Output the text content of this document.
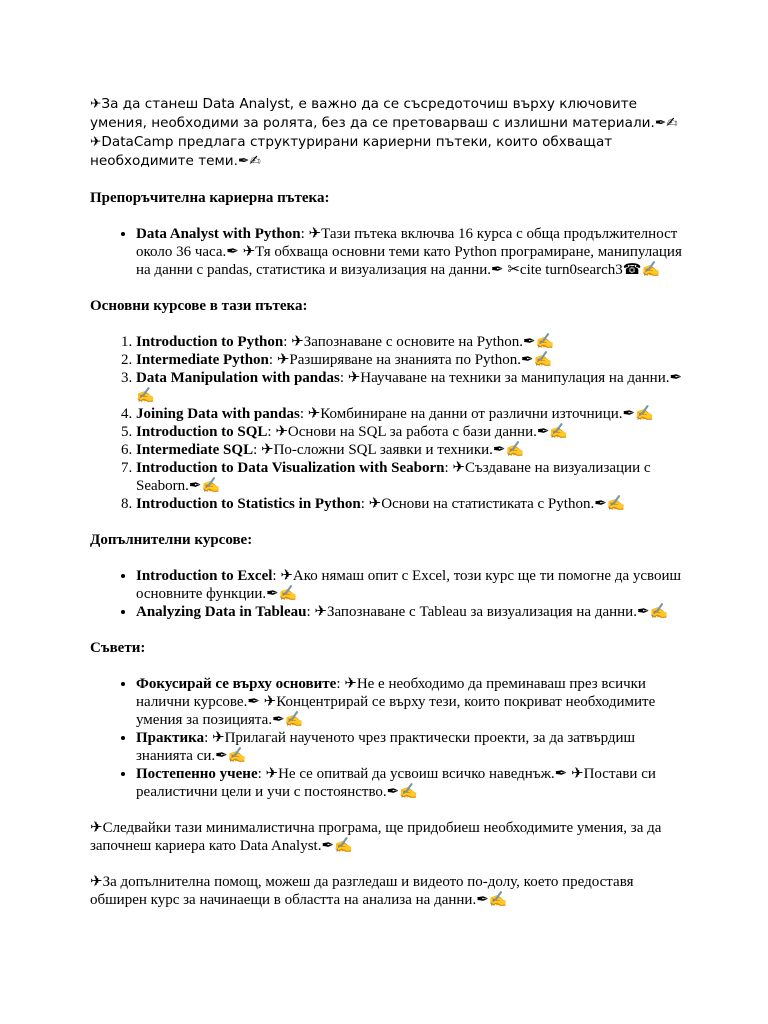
✈За да станеш Data Analyst, е важно да се съсредоточиш върху ключовите умения, необходими за ролята, без да се претоварваш с излишни материали.✒✍ ✈DataCamp предлага структурирани кариерни пътеки, които обхващат необходимите теми.✒✍

Препоръчителна кариерна пътека:

• Data Analyst with Python: ✈Тази пътека включва 16 курса с обща продължителност около 36 часа.✒ ✈Тя обхваща основни теми като Python програмиране, манипулация на данни с pandas, статистика и визуализация на данни.✒ ✂cite turn0search3☎✍

Основни курсове в тази пътека:

1. Introduction to Python: ✈Запознаване с основите на Python.✒✍
2. Intermediate Python: ✈Разширяване на знанията по Python.✒✍
3. Data Manipulation with pandas: ✈Научаване на техники за манипулация на данни.✒✍
4. Joining Data with pandas: ✈Комбиниране на данни от различни източници.✒✍
5. Introduction to SQL: ✈Основи на SQL за работа с бази данни.✒✍
6. Intermediate SQL: ✈По-сложни SQL заявки и техники.✒✍
7. Introduction to Data Visualization with Seaborn: ✈Създаване на визуализации с Seaborn.✒✍
8. Introduction to Statistics in Python: ✈Основи на статистиката с Python.✒✍

Допълнителни курсове:

• Introduction to Excel: ✈Ако нямаш опит с Excel, този курс ще ти помогне да усвоиш основните функции.✒✍
• Analyzing Data in Tableau: ✈Запознаване с Tableau за визуализация на данни.✒✍

Съвети:

• Фокусирай се върху основите: ✈Не е необходимо да преминаваш през всички налични курсове.✒ ✈Концентрирай се върху тези, които покриват необходимите умения за позицията.✒✍
• Практика: ✈Прилагай наученото чрез практически проекти, за да затвърдиш знанията си.✒✍
• Постепенно учене: ✈Не се опитвай да усвоиш всичко наведнъж.✒ ✈Постави си реалистични цели и учи с постоянство.✒✍

✈Следвайки тази минималистична програма, ще придобиеш необходимите умения, за да започнеш кариера като Data Analyst.✒✍

✈За допълнителна помощ, можеш да разгледаш и видеото по-долу, което предоставя обширен курс за начинаещи в областта на анализа на данни.✒✍
